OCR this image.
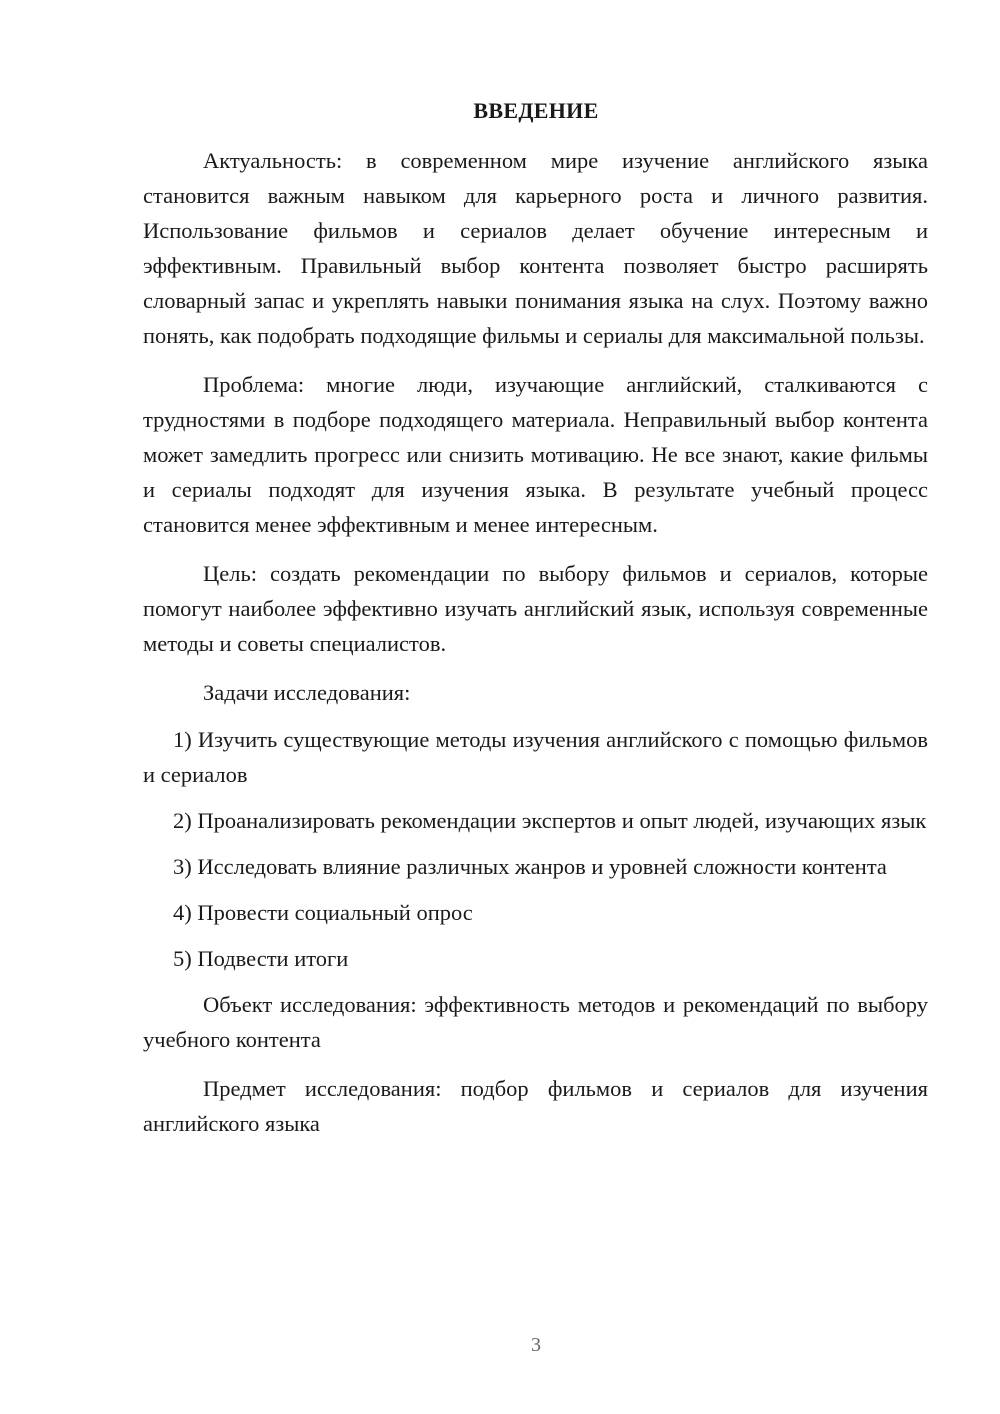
ВВЕДЕНИЕ

Актуальность: в современном мире изучение английского языка становится важным навыком для карьерного роста и личного развития. Использование фильмов и сериалов делает обучение интересным и эффективным. Правильный выбор контента позволяет быстро расширять словарный запас и укреплять навыки понимания языка на слух. Поэтому важно понять, как подобрать подходящие фильмы и сериалы для максимальной пользы.

Проблема: многие люди, изучающие английский, сталкиваются с трудностями в подборе подходящего материала. Неправильный выбор контента может замедлить прогресс или снизить мотивацию. Не все знают, какие фильмы и сериалы подходят для изучения языка. В результате учебный процесс становится менее эффективным и менее интересным.

Цель: создать рекомендации по выбору фильмов и сериалов, которые помогут наиболее эффективно изучать английский язык, используя современные методы и советы специалистов.

Задачи исследования:

1) Изучить существующие методы изучения английского с помощью фильмов и сериалов

2) Проанализировать рекомендации экспертов и опыт людей, изучающих язык

3) Исследовать влияние различных жанров и уровней сложности контента

4) Провести социальный опрос

5) Подвести итоги

Объект исследования: эффективность методов и рекомендаций по выбору учебного контента

Предмет исследования: подбор фильмов и сериалов для изучения английского языка

3
